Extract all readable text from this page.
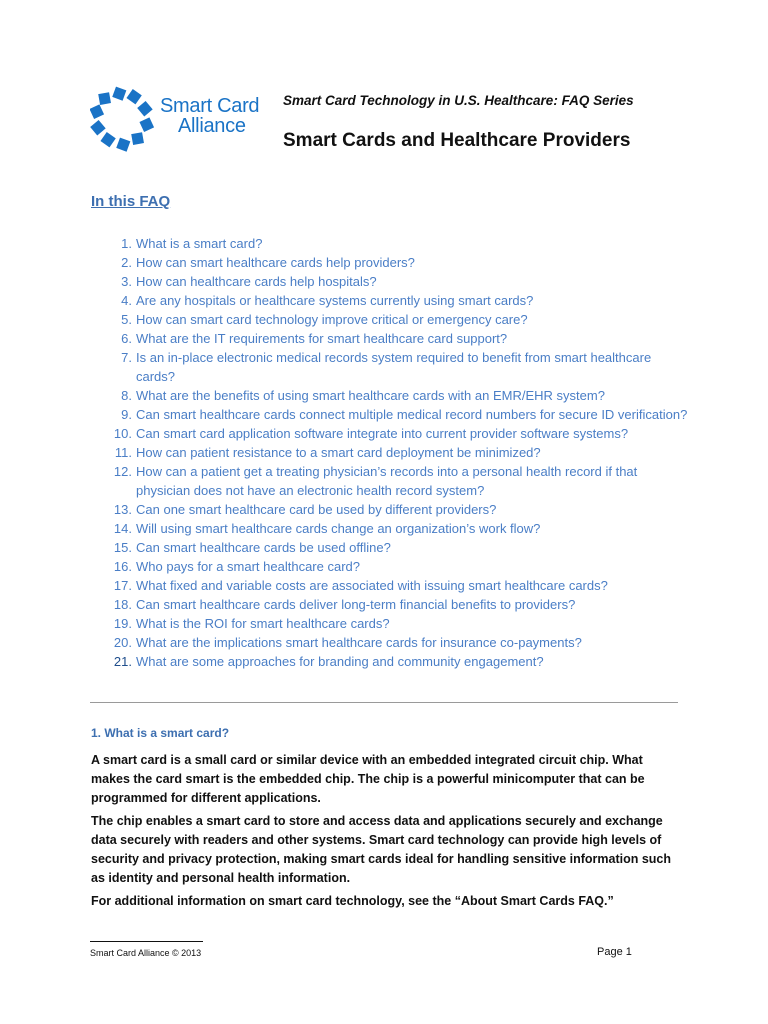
Smart Card
Alliance
Smart Card Technology in U.S. Healthcare: FAQ Series
Smart Cards and Healthcare Providers
In this FAQ
1. What is a smart card?
2. How can smart healthcare cards help providers?
3. How can healthcare cards help hospitals?
4. Are any hospitals or healthcare systems currently using smart cards?
5. How can smart card technology improve critical or emergency care?
6. What are the IT requirements for smart healthcare card support?
7. Is an in-place electronic medical records system required to benefit from smart healthcare cards?
8. What are the benefits of using smart healthcare cards with an EMR/EHR system?
9. Can smart healthcare cards connect multiple medical record numbers for secure ID verification?
10. Can smart card application software integrate into current provider software systems?
11. How can patient resistance to a smart card deployment be minimized?
12. How can a patient get a treating physician’s records into a personal health record if that physician does not have an electronic health record system?
13. Can one smart healthcare card be used by different providers?
14. Will using smart healthcare cards change an organization’s work flow?
15. Can smart healthcare cards be used offline?
16. Who pays for a smart healthcare card?
17. What fixed and variable costs are associated with issuing smart healthcare cards?
18. Can smart healthcare cards deliver long-term financial benefits to providers?
19. What is the ROI for smart healthcare cards?
20. What are the implications smart healthcare cards for insurance co-payments?
21. What are some approaches for branding and community engagement?
1. What is a smart card?

A smart card is a small card or similar device with an embedded integrated circuit chip. What makes the card smart is the embedded chip. The chip is a powerful minicomputer that can be programmed for different applications.

The chip enables a smart card to store and access data and applications securely and exchange data securely with readers and other systems. Smart card technology can provide high levels of security and privacy protection, making smart cards ideal for handling sensitive information such as identity and personal health information.

For additional information on smart card technology, see the “About Smart Cards FAQ.”

Smart Card Alliance © 2013	Page 1
